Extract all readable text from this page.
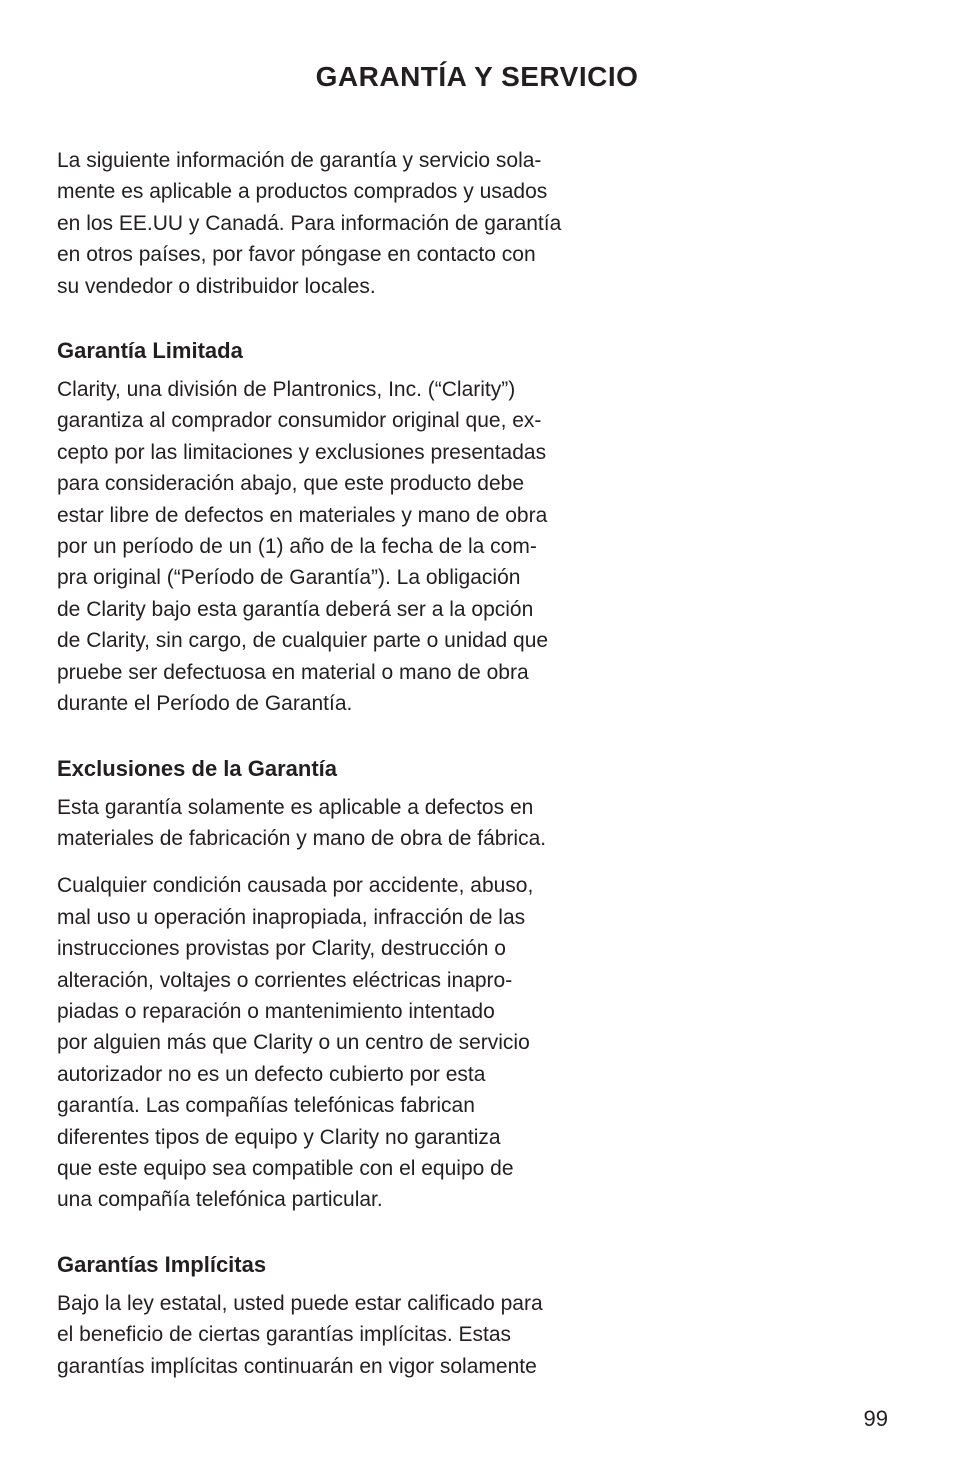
GARANTÍA Y SERVICIO

La siguiente información de garantía y servicio sola-
mente es aplicable a productos comprados y usados
en los EE.UU y Canadá. Para información de garantía
en otros países, por favor póngase en contacto con
su vendedor o distribuidor locales.

Garantía Limitada

Clarity, una división de Plantronics, Inc. (“Clarity”)
garantiza al comprador consumidor original que, ex-
cepto por las limitaciones y exclusiones presentadas
para consideración abajo, que este producto debe
estar libre de defectos en materiales y mano de obra
por un período de un (1) año de la fecha de la com-
pra original (“Período de Garantía”). La obligación
de Clarity bajo esta garantía deberá ser a la opción
de Clarity, sin cargo, de cualquier parte o unidad que
pruebe ser defectuosa en material o mano de obra
durante el Período de Garantía.

Exclusiones de la Garantía

Esta garantía solamente es aplicable a defectos en
materiales de fabricación y mano de obra de fábrica.

Cualquier condición causada por accidente, abuso,
mal uso u operación inapropiada, infracción de las
instrucciones provistas por Clarity, destrucción o
alteración, voltajes o corrientes eléctricas inapro-
piadas o reparación o mantenimiento intentado
por alguien más que Clarity o un centro de servicio
autorizador no es un defecto cubierto por esta
garantía. Las compañías telefónicas fabrican
diferentes tipos de equipo y Clarity no garantiza
que este equipo sea compatible con el equipo de
una compañía telefónica particular.

Garantías Implícitas

Bajo la ley estatal, usted puede estar calificado para
el beneficio de ciertas garantías implícitas. Estas
garantías implícitas continuarán en vigor solamente

99
